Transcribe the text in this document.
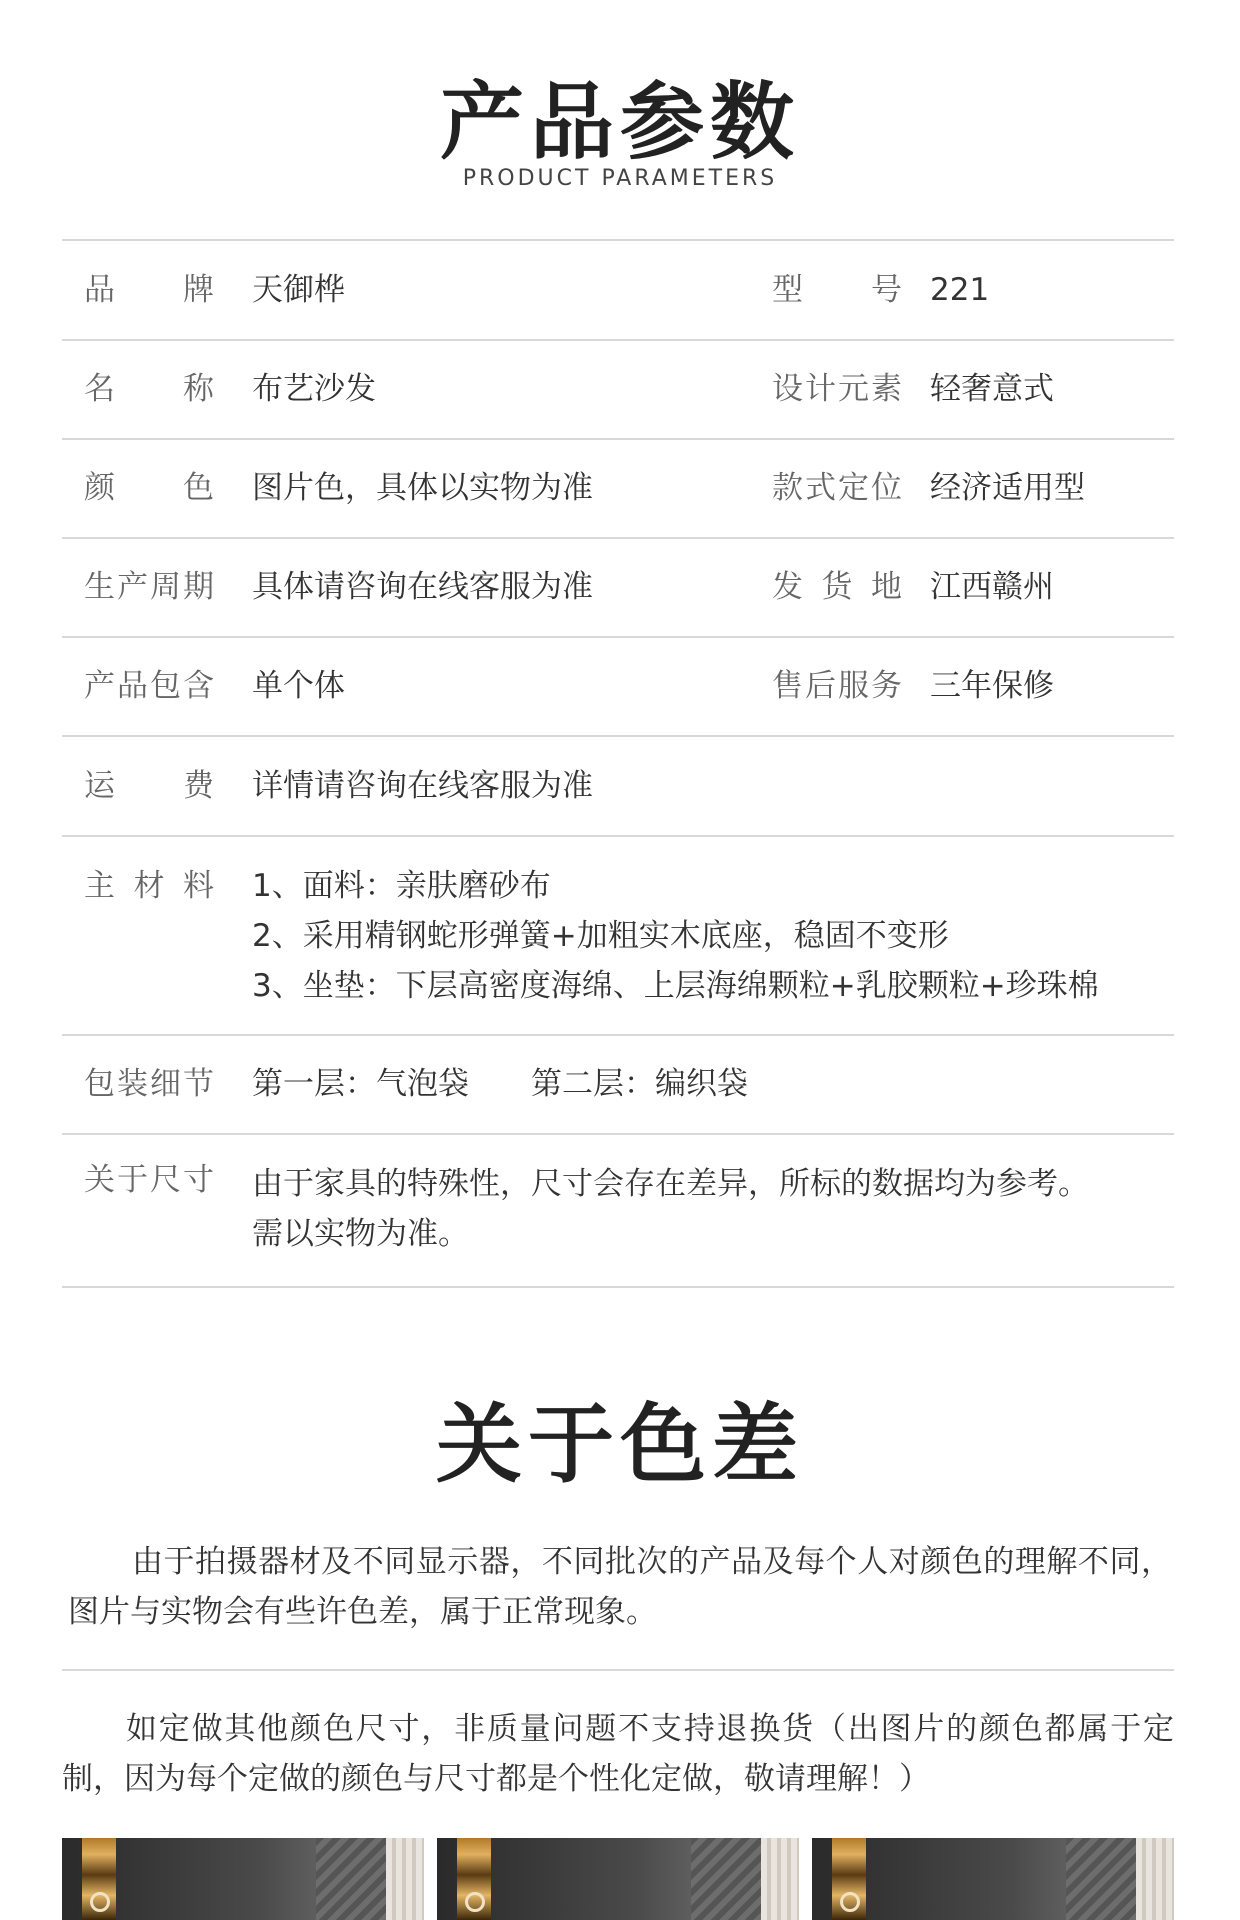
产品参数
PRODUCT PARAMETERS
品牌 天御桦	型号 221
名称 布艺沙发	设计元素 轻奢意式
颜色 图片色，具体以实物为准	款式定位 经济适用型
生产周期 具体请咨询在线客服为准	发货地 江西赣州
产品包含 单个体	售后服务 三年保修
运费 详情请咨询在线客服为准
主材料 1、面料：亲肤磨砂布
2、采用精钢蛇形弹簧+加粗实木底座，稳固不变形
3、坐垫：下层高密度海绵、上层海绵颗粒+乳胶颗粒+珍珠棉
包装细节 第一层：气泡袋　　第二层：编织袋
关于尺寸 由于家具的特殊性，尺寸会存在差异，所标的数据均为参考。
需以实物为准。
关于色差
由于拍摄器材及不同显示器，不同批次的产品及每个人对颜色的理解不同，图片与实物会有些许色差，属于正常现象。
如定做其他颜色尺寸，非质量问题不支持退换货（出图片的颜色都属于定制，因为每个定做的颜色与尺寸都是个性化定做，敬请理解！）
